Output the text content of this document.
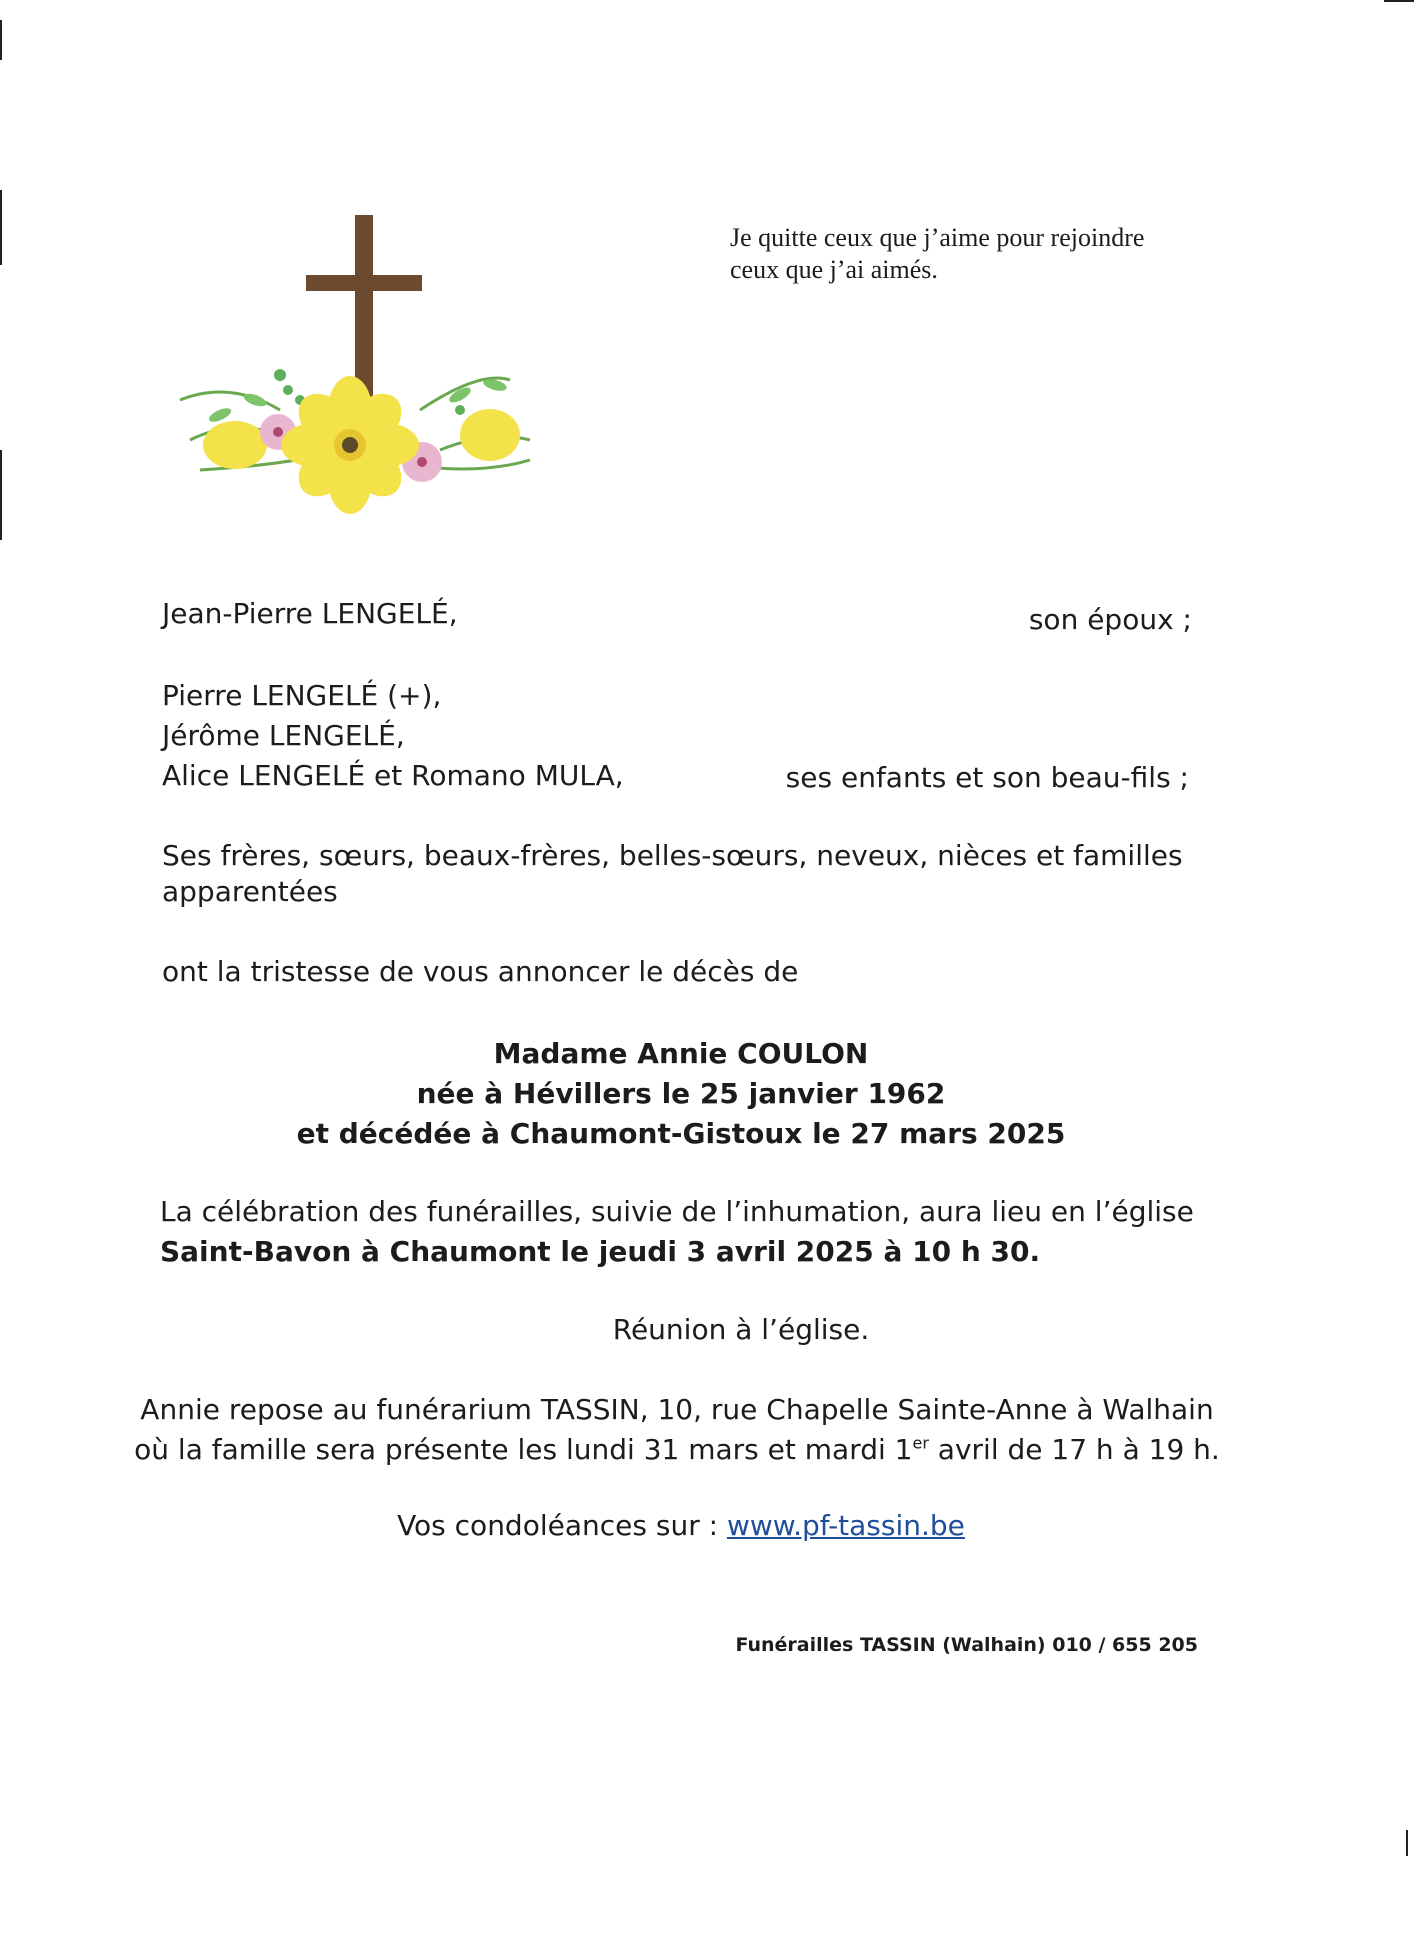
Je quitte ceux que j’aime pour rejoindre
ceux que j’ai aimés.
Jean-Pierre LENGELÉ,	son époux ;
Pierre LENGELÉ (+),
Jérôme LENGELÉ,
Alice LENGELÉ et Romano MULA,	ses enfants et son beau-fils ;
Ses frères, sœurs, beaux-frères, belles-sœurs, neveux, nièces et familles
apparentées
ont la tristesse de vous annoncer le décès de
Madame Annie COULON
née à Hévillers le 25 janvier 1962
et décédée à Chaumont-Gistoux le 27 mars 2025
La célébration des funérailles, suivie de l’inhumation, aura lieu en l’église
Saint-Bavon à Chaumont le jeudi 3 avril 2025 à 10 h 30.
Réunion à l’église.
Annie repose au funérarium TASSIN, 10, rue Chapelle Sainte-Anne à Walhain
où la famille sera présente les lundi 31 mars et mardi 1er avril de 17 h à 19 h.
Vos condoléances sur : www.pf-tassin.be
Funérailles TASSIN (Walhain) 010 / 655 205
